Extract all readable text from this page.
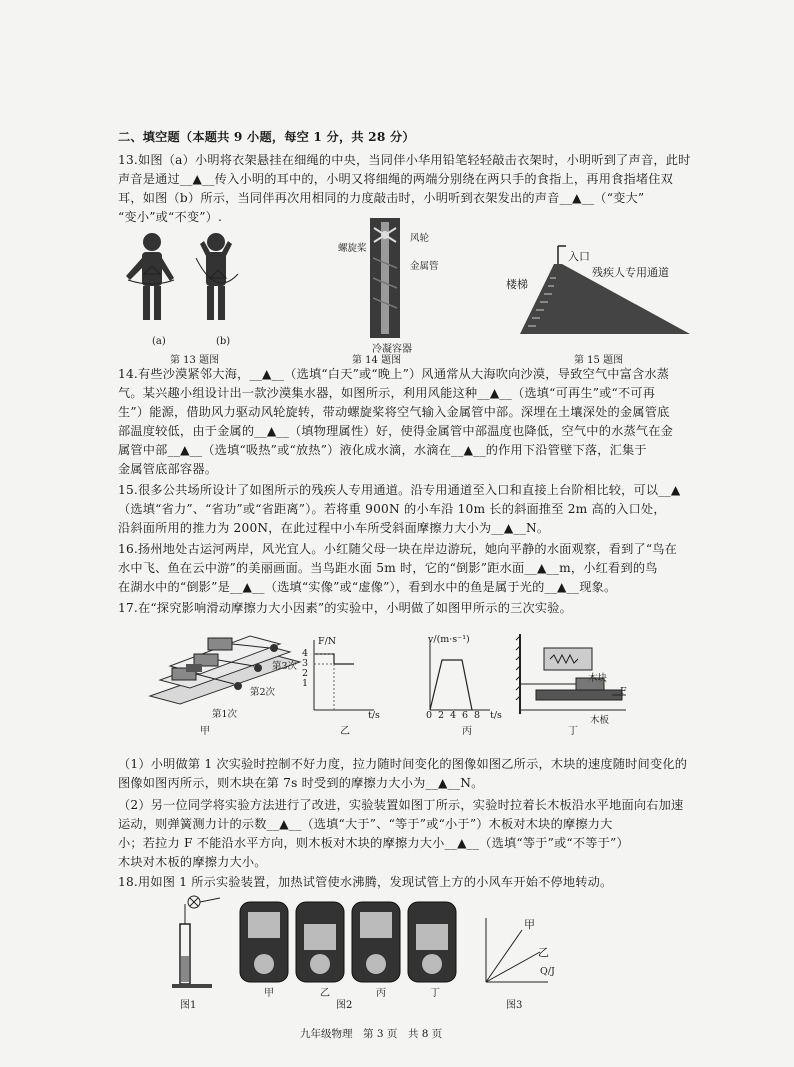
二、填空题（本题共 9 小题，每空 1 分，共 28 分）
13.如图（a）小明将衣架悬挂在细绳的中央，当同伴小华用铅笔轻轻敲击衣架时，小明听到了声音，此时
声音是通过__▲__传入小明的耳中的，小明又将细绳的两端分别绕在两只手的食指上，再用食指堵住双
耳，如图（b）所示，当同伴再次用相同的力度敲击时，小明听到衣架发出的声音__▲__（“变大”
“变小”或“不变”）.
(a)	(b)
第 13 题图
螺旋桨
风轮
金属管
冷凝容器
第 14 题图
入口
楼梯
残疾人专用通道
第 15 题图
14.有些沙漠紧邻大海，__▲__（选填“白天”或“晚上”）风通常从大海吹向沙漠，导致空气中富含水蒸
气。某兴趣小组设计出一款沙漠集水器，如图所示，利用风能这种__▲__（选填“可再生”或“不可再
生”）能源，借助风力驱动风轮旋转，带动螺旋桨将空气输入金属管中部。深埋在土壤深处的金属管底
部温度较低，由于金属的__▲__（填物理属性）好，使得金属管中部温度也降低，空气中的水蒸气在金
属管中部__▲__（选填“吸热”或“放热”）液化成水滴，水滴在__▲__的作用下沿管壁下落，汇集于
金属管底部容器。
15.很多公共场所设计了如图所示的残疾人专用通道。沿专用通道至入口和直接上台阶相比较，可以__▲
（选填“省力”、“省功”或“省距离”）。若将重 900N 的小车沿 10m 长的斜面推至 2m 高的入口处，
沿斜面所用的推力为 200N，在此过程中小车所受斜面摩擦力大小为__▲__N。
16.扬州地处古运河两岸，风光宜人。小红随父母一块在岸边游玩，她向平静的水面观察，看到了“鸟在
水中飞、鱼在云中游”的美丽画面。当鸟距水面 5m 时，它的“倒影”距水面__▲__m，小红看到的鸟
在湖水中的“倒影”是__▲__（选填“实像”或“虚像”），看到水中的鱼是属于光的__▲__现象。
17.在“探究影响滑动摩擦力大小因素”的实验中，小明做了如图甲所示的三次实验。
第3次
第2次
第1次
甲
F/N
4
3
2
1
t/s
乙
v/(m·s⁻¹)
0 2 4 6 8 t/s
丙
木块
F
木板
丁
（1）小明做第 1 次实验时控制不好力度，拉力随时间变化的图像如图乙所示，木块的速度随时间变化的
图像如图丙所示，则木块在第 7s 时受到的摩擦力大小为__▲__N。
（2）另一位同学将实验方法进行了改进，实验装置如图丁所示，实验时拉着长木板沿水平地面向右加速
运动，则弹簧测力计的示数__▲__（选填“大于”、“等于”或“小于”）木板对木块的摩擦力大
小；若拉力 F 不能沿水平方向，则木板对木块的摩擦力大小__▲__（选填“等于”或“不等于”）
木块对木板的摩擦力大小。
18.用如图 1 所示实验装置，加热试管使水沸腾，发现试管上方的小风车开始不停地转动。
图1
甲	乙	丙	丁
图2
甲
乙
Q/J
图3
九年级物理　第 3 页　共 8 页
